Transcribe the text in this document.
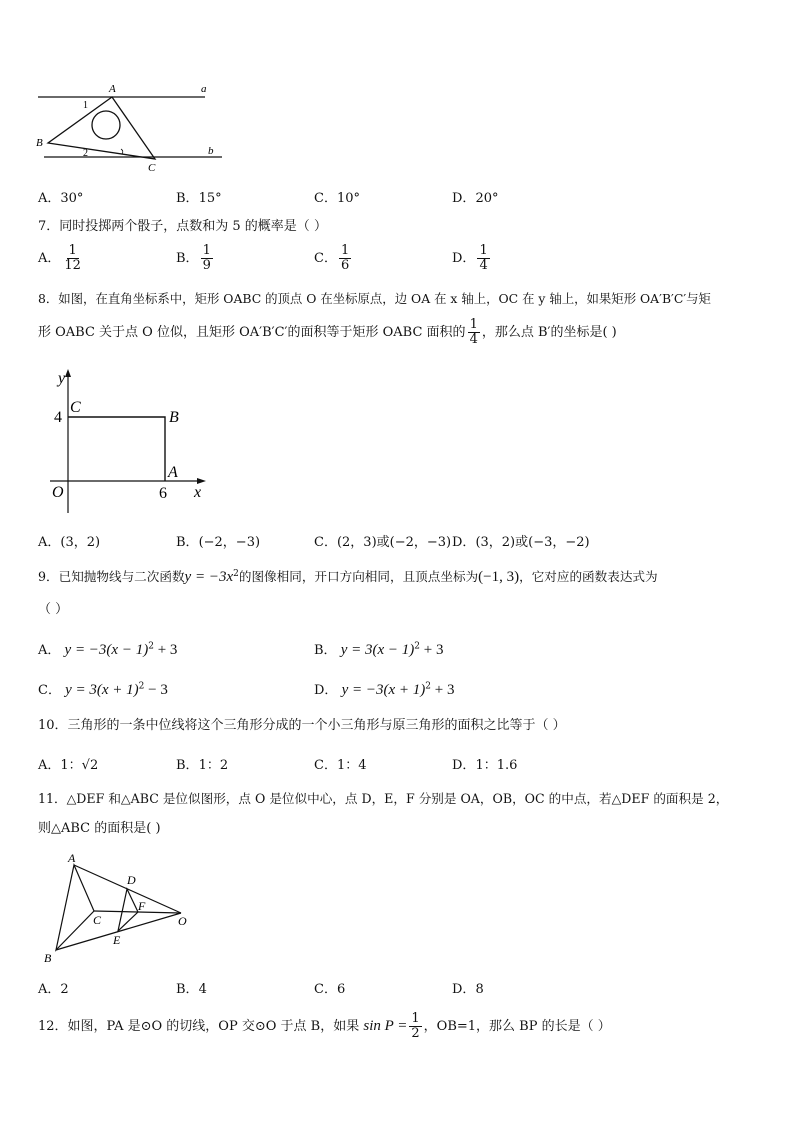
A	a
B
b
C
1
2
A．30°	B．15°	C．10°	D．20°
7．同时投掷两个骰子，点数和为 5 的概率是（ ）
A． $\frac{1}{12}$	B． $\frac{1}{9}$	C． $\frac{1}{6}$	D． $\frac{1}{4}$
8．如图，在直角坐标系中，矩形 OABC 的顶点 O 在坐标原点，边 OA 在 x 轴上，OC 在 y 轴上，如果矩形 OA′B′C′与矩
形 OABC 关于点 O 位似，且矩形 OA′B′C′的面积等于矩形 OABC 面积的 $\frac{1}{4}$ ，那么点 B′的坐标是( )
y
x
C
B
A
O
4
6
A．(3，2)	B．(−2，−3)	C．(2，3)或(−2，−3) D．(3，2)或(−3，−2)
9．已知抛物线与二次函数$y = -3x^2$的图像相同，开口方向相同，且顶点坐标为(−1, 3)，它对应的函数表达式为
（ ）
A． $y = -3(x - 1)^2 + 3$	B． $y = 3(x - 1)^2 + 3$
C． $y = 3(x + 1)^2 - 3$	D． $y = -3(x + 1)^2 + 3$
10．三角形的一条中位线将这个三角形分成的一个小三角形与原三角形的面积之比等于（ ）
A．1：√2	B．1：2	C．1：4	D．1：1.6
11．△DEF 和△ABC 是位似图形，点 O 是位似中心，点 D，E，F 分别是 OA，OB，OC 的中点，若△DEF 的面积是 2，
则△ABC 的面积是( )
A
B
C
D
E
F
O
A．2	B．4	C．6	D．8
12．如图，PA 是⊙O 的切线，OP 交⊙O 于点 B，如果 $\sin P = \frac{1}{2}$ ，OB=1，那么 BP 的长是（ ）
